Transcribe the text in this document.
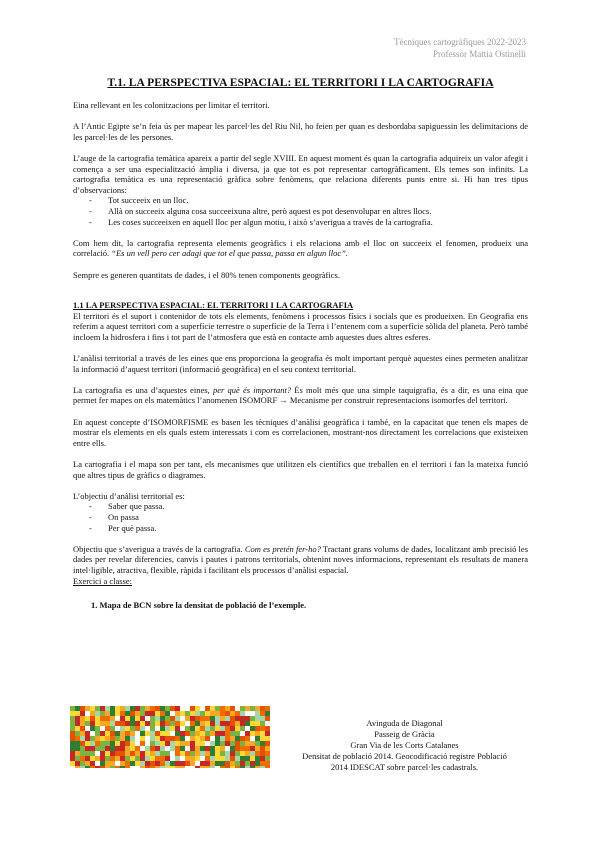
Tècniques cartogràfiques 2022-2023
Professor Mattia Ostinelli
T.1. LA PERSPECTIVA ESPACIAL: EL TERRITORI I LA CARTOGRAFIA

Eina rellevant en les colonitzacions per limitar el territori.

A l’Antic Egipte se’n feia ús per mapear les parcel·les del Riu Nil, ho feien per quan es desbordaba sapiguessin les delimitacions de les parcel·les de les persones.

L’auge de la cartografia temàtica apareix a partir del segle XVIII. En aquest moment és quan la cartografia adquireix un valor afegit i comença a ser una especialització àmplia i diversa, ja que tot es pot representar cartogràficament. Els temes son infinits. La cartografia temàtica es una representació gràfica sobre fenòmens, que relaciona diferents punts entre si. Hi han tres tipus d’observacions:

- Tot succeeix en un lloc.
- Allà on succeeix alguna cosa succeeixuna altre, però aquest es pot desenvolupar en altres llocs.
- Les coses succeeixen en aquell lloc per algun motiu, i això s’averigua a través de la cartografia.

Com hem dit, la cartografia representa elements geogràfics i els relaciona amb el lloc on succeeix el fenomen, produeix una correlació. “Es un vell pero cer adagi que tot el que passa, passa en algun lloc”.

Sempre es generen quantitats de dades, i el 80% tenen components geogràfics.

1.1 LA PERSPECTIVA ESPACIAL: EL TERRITORI I LA CARTOGRAFIA

El territori és el suport i contenidor de tots els elements, fenòmens i processos físics i socials que es produeixen. En Geografia ens referim a aquest territori com a superfície terrestre o superfície de la Terra i l’entenem com a superfície sòlida del planeta. Però també incloem la hidrosfera i fins i tot part de l’atmosfera que està en contacte amb aquestes dues altres esferes.

L’anàlisi territorial a través de les eines que ens proporciona la geografia és molt important perquè aquestes eines permeten analitzar la informació d’aquest territori (informació geogràfica) en el seu context territorial.

La cartografia es una d’aquestes eines, per què és important? És molt més que una simple taquigrafia, és a dir, es una eina que permet fer mapes on els matemàtics l’anomenen ISOMORF → Mecanisme per construir representacions isomorfes del territori.

En aquest concepte d’ISOMORFISME es basen les tècniques d’anàlisi geogràfica i també, en la capacitat que tenen els mapes de mostrar els elements en els quals estem interessats i com es correlacionen, mostrant-nos directament les correlacions que existeixen entre ells.

La cartografia i el mapa son per tant, els mecanismes que utilitzen els científics que treballen en el territori i fan la mateixa funció que altres tipus de gràfics o diagrames.

L’objectiu d’anàlisi territorial es:

- Saber que passa.
- On passa
- Per què passa.

Objectiu que s’averigua a través de la cartografia. Com es pretén fer-ho? Tractant grans volums de dades, localitzant amb precisió les dades per revelar diferencies, canvis i pautes i patrons territorials, obtenint noves informacions, representant els resultats de manera intel·ligible, atractiva, flexible, ràpida i facilitant els processos d’anàlisi espacial.

Exercici a classe:

1. Mapa de BCN sobre la densitat de població de l’exemple.

Avinguda de Diagonal
Passeig de Gràcia
Gran Via de les Corts Catalanes
Densitat de població 2014. Geocodificació registre Població
2014 IDESCAT sobre parcel·les cadastrals.
